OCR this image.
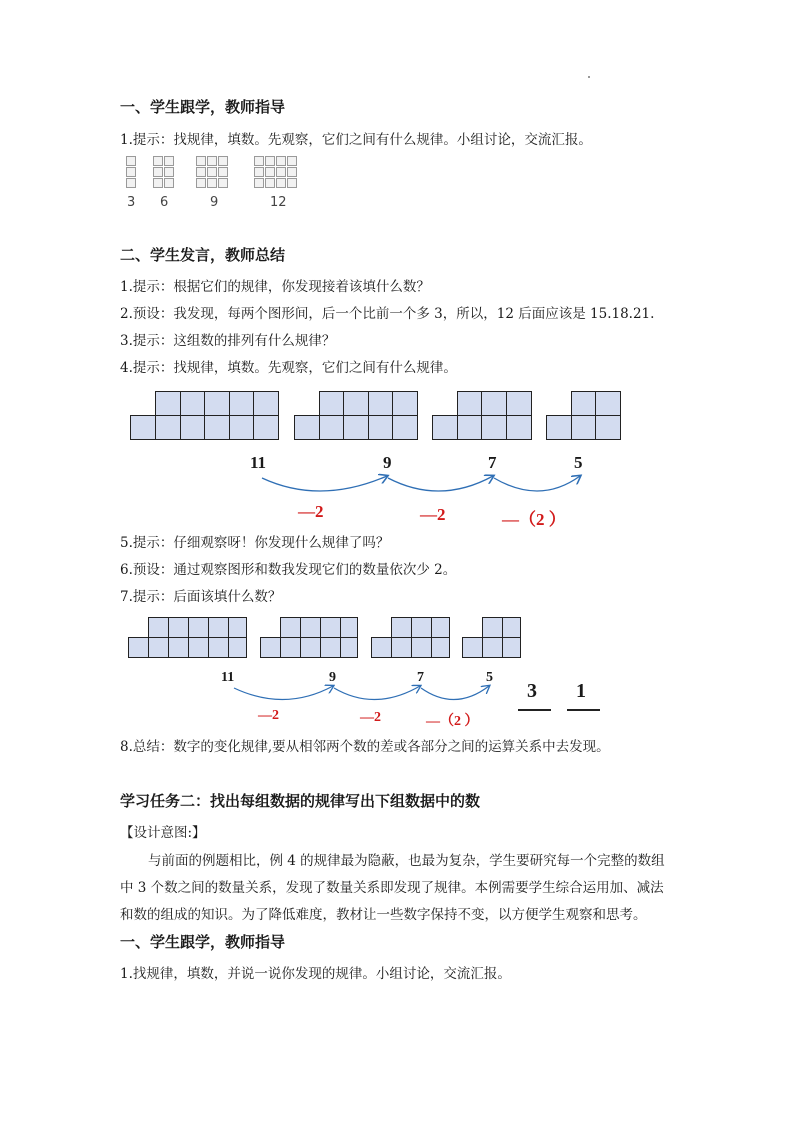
一、学生跟学，教师指导
1.提示：找规律，填数。先观察，它们之间有什么规律。小组讨论，交流汇报。
3 6	9	12
二、学生发言，教师总结
1.提示：根据它们的规律，你发现接着该填什么数？
2.预设：我发现，每两个图形间，后一个比前一个多 3，所以，12 后面应该是 15.18.21.
3.提示：这组数的排列有什么规律？
4.提示：找规律，填数。先观察，它们之间有什么规律。
11	9	7	5
—2	—2	—（2 ）
5.提示：仔细观察呀！你发现什么规律了吗？
6.预设：通过观察图形和数我发现它们的数量依次少 2。
7.提示：后面该填什么数？
11	9	7	5
—2	—2	—（2 ）
3 1
8.总结：数字的变化规律,要从相邻两个数的差或各部分之间的运算关系中去发现。
学习任务二：找出每组数据的规律写出下组数据中的数
【设计意图:】
与前面的例题相比，例 4 的规律最为隐蔽，也最为复杂，学生要研究每一个完整的数组
中 3 个数之间的数量关系，发现了数量关系即发现了规律。本例需要学生综合运用加、减法
和数的组成的知识。为了降低难度，教材让一些数字保持不变，以方便学生观察和思考。
一、学生跟学，教师指导
1.找规律，填数，并说一说你发现的规律。小组讨论，交流汇报。
